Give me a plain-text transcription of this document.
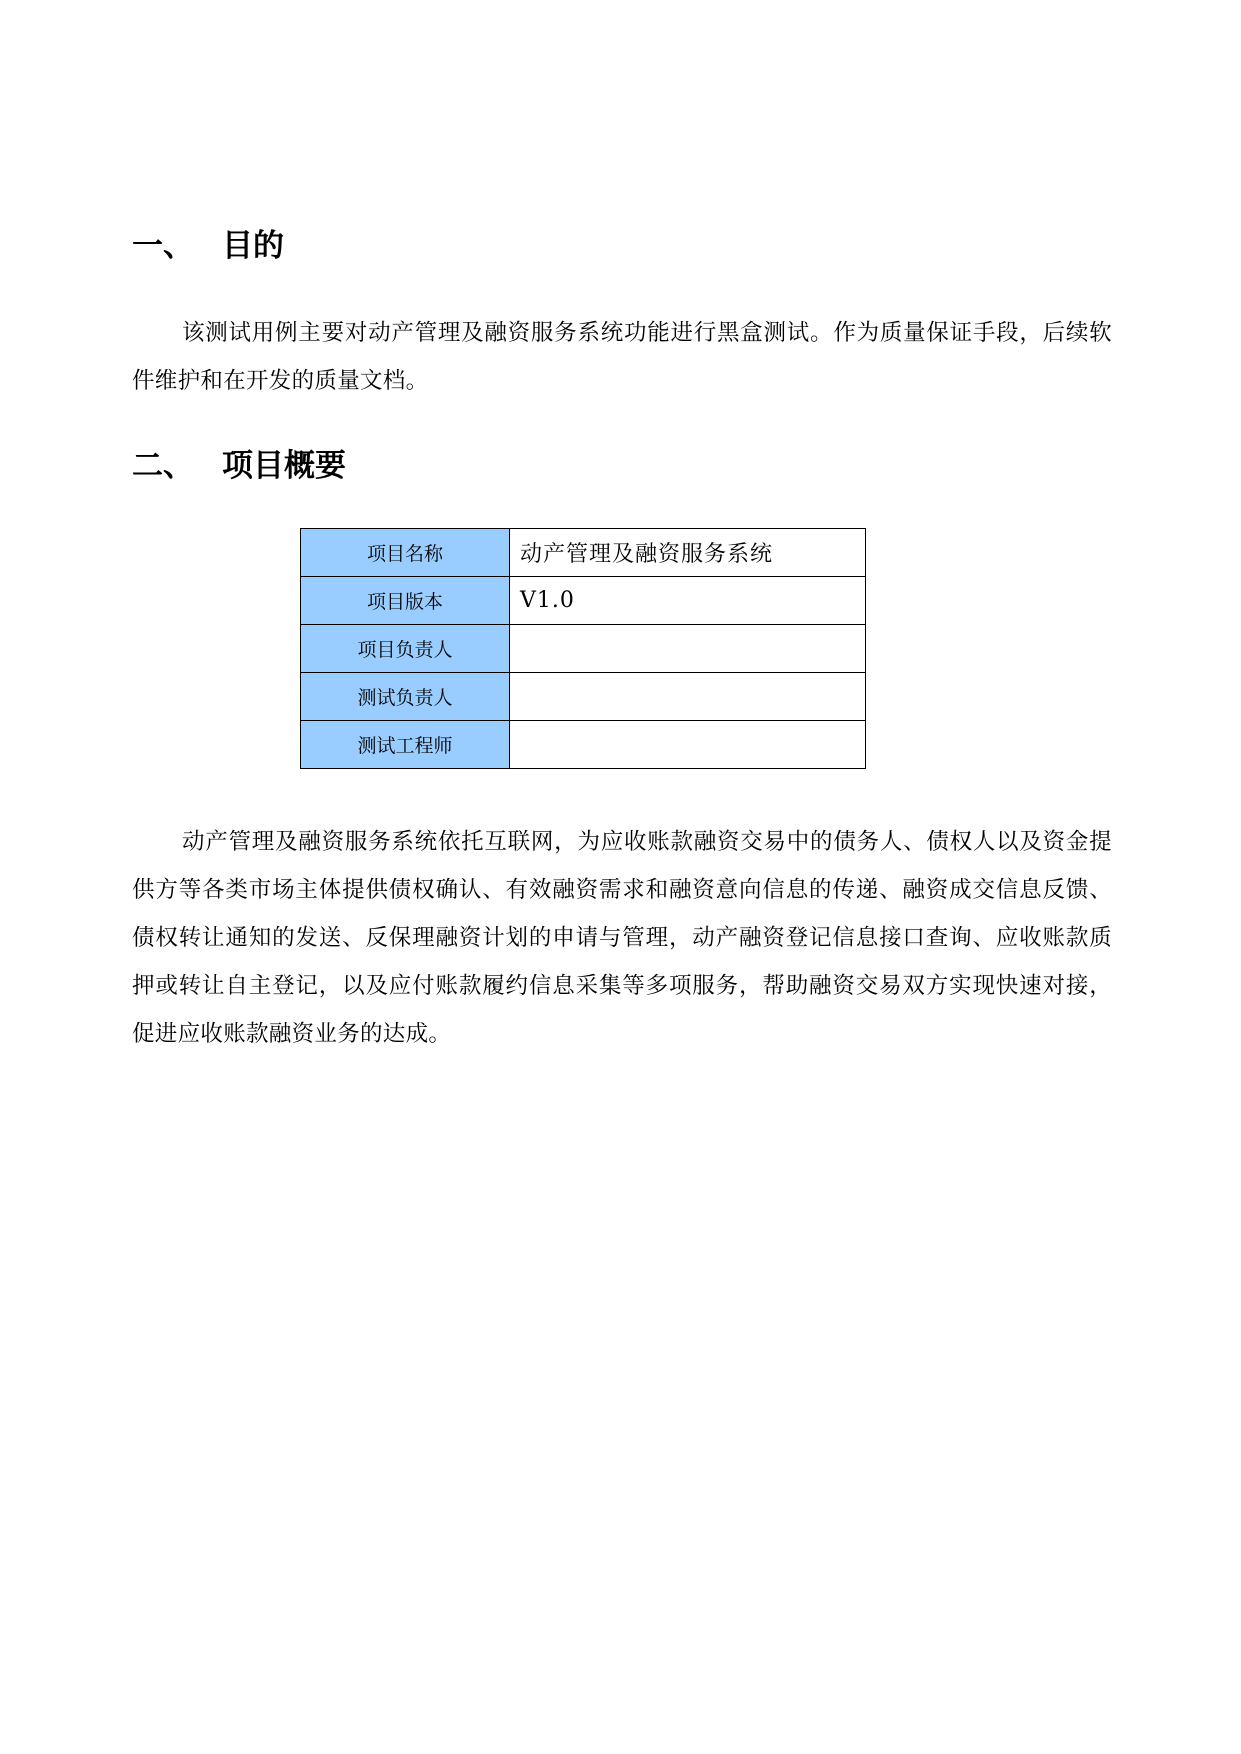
一、 目的
该测试用例主要对动产管理及融资服务系统功能进行黑盒测试。作为质量保证手段，后续软件维护和在开发的质量文档。
二、 项目概要
项目名称	动产管理及融资服务系统
项目版本	V1.0
项目负责人	
测试负责人	
测试工程师	
动产管理及融资服务系统依托互联网，为应收账款融资交易中的债务人、债权人以及资金提供方等各类市场主体提供债权确认、有效融资需求和融资意向信息的传递、融资成交信息反馈、债权转让通知的发送、反保理融资计划的申请与管理，动产融资登记信息接口查询、应收账款质押或转让自主登记，以及应付账款履约信息采集等多项服务，帮助融资交易双方实现快速对接，促进应收账款融资业务的达成。
